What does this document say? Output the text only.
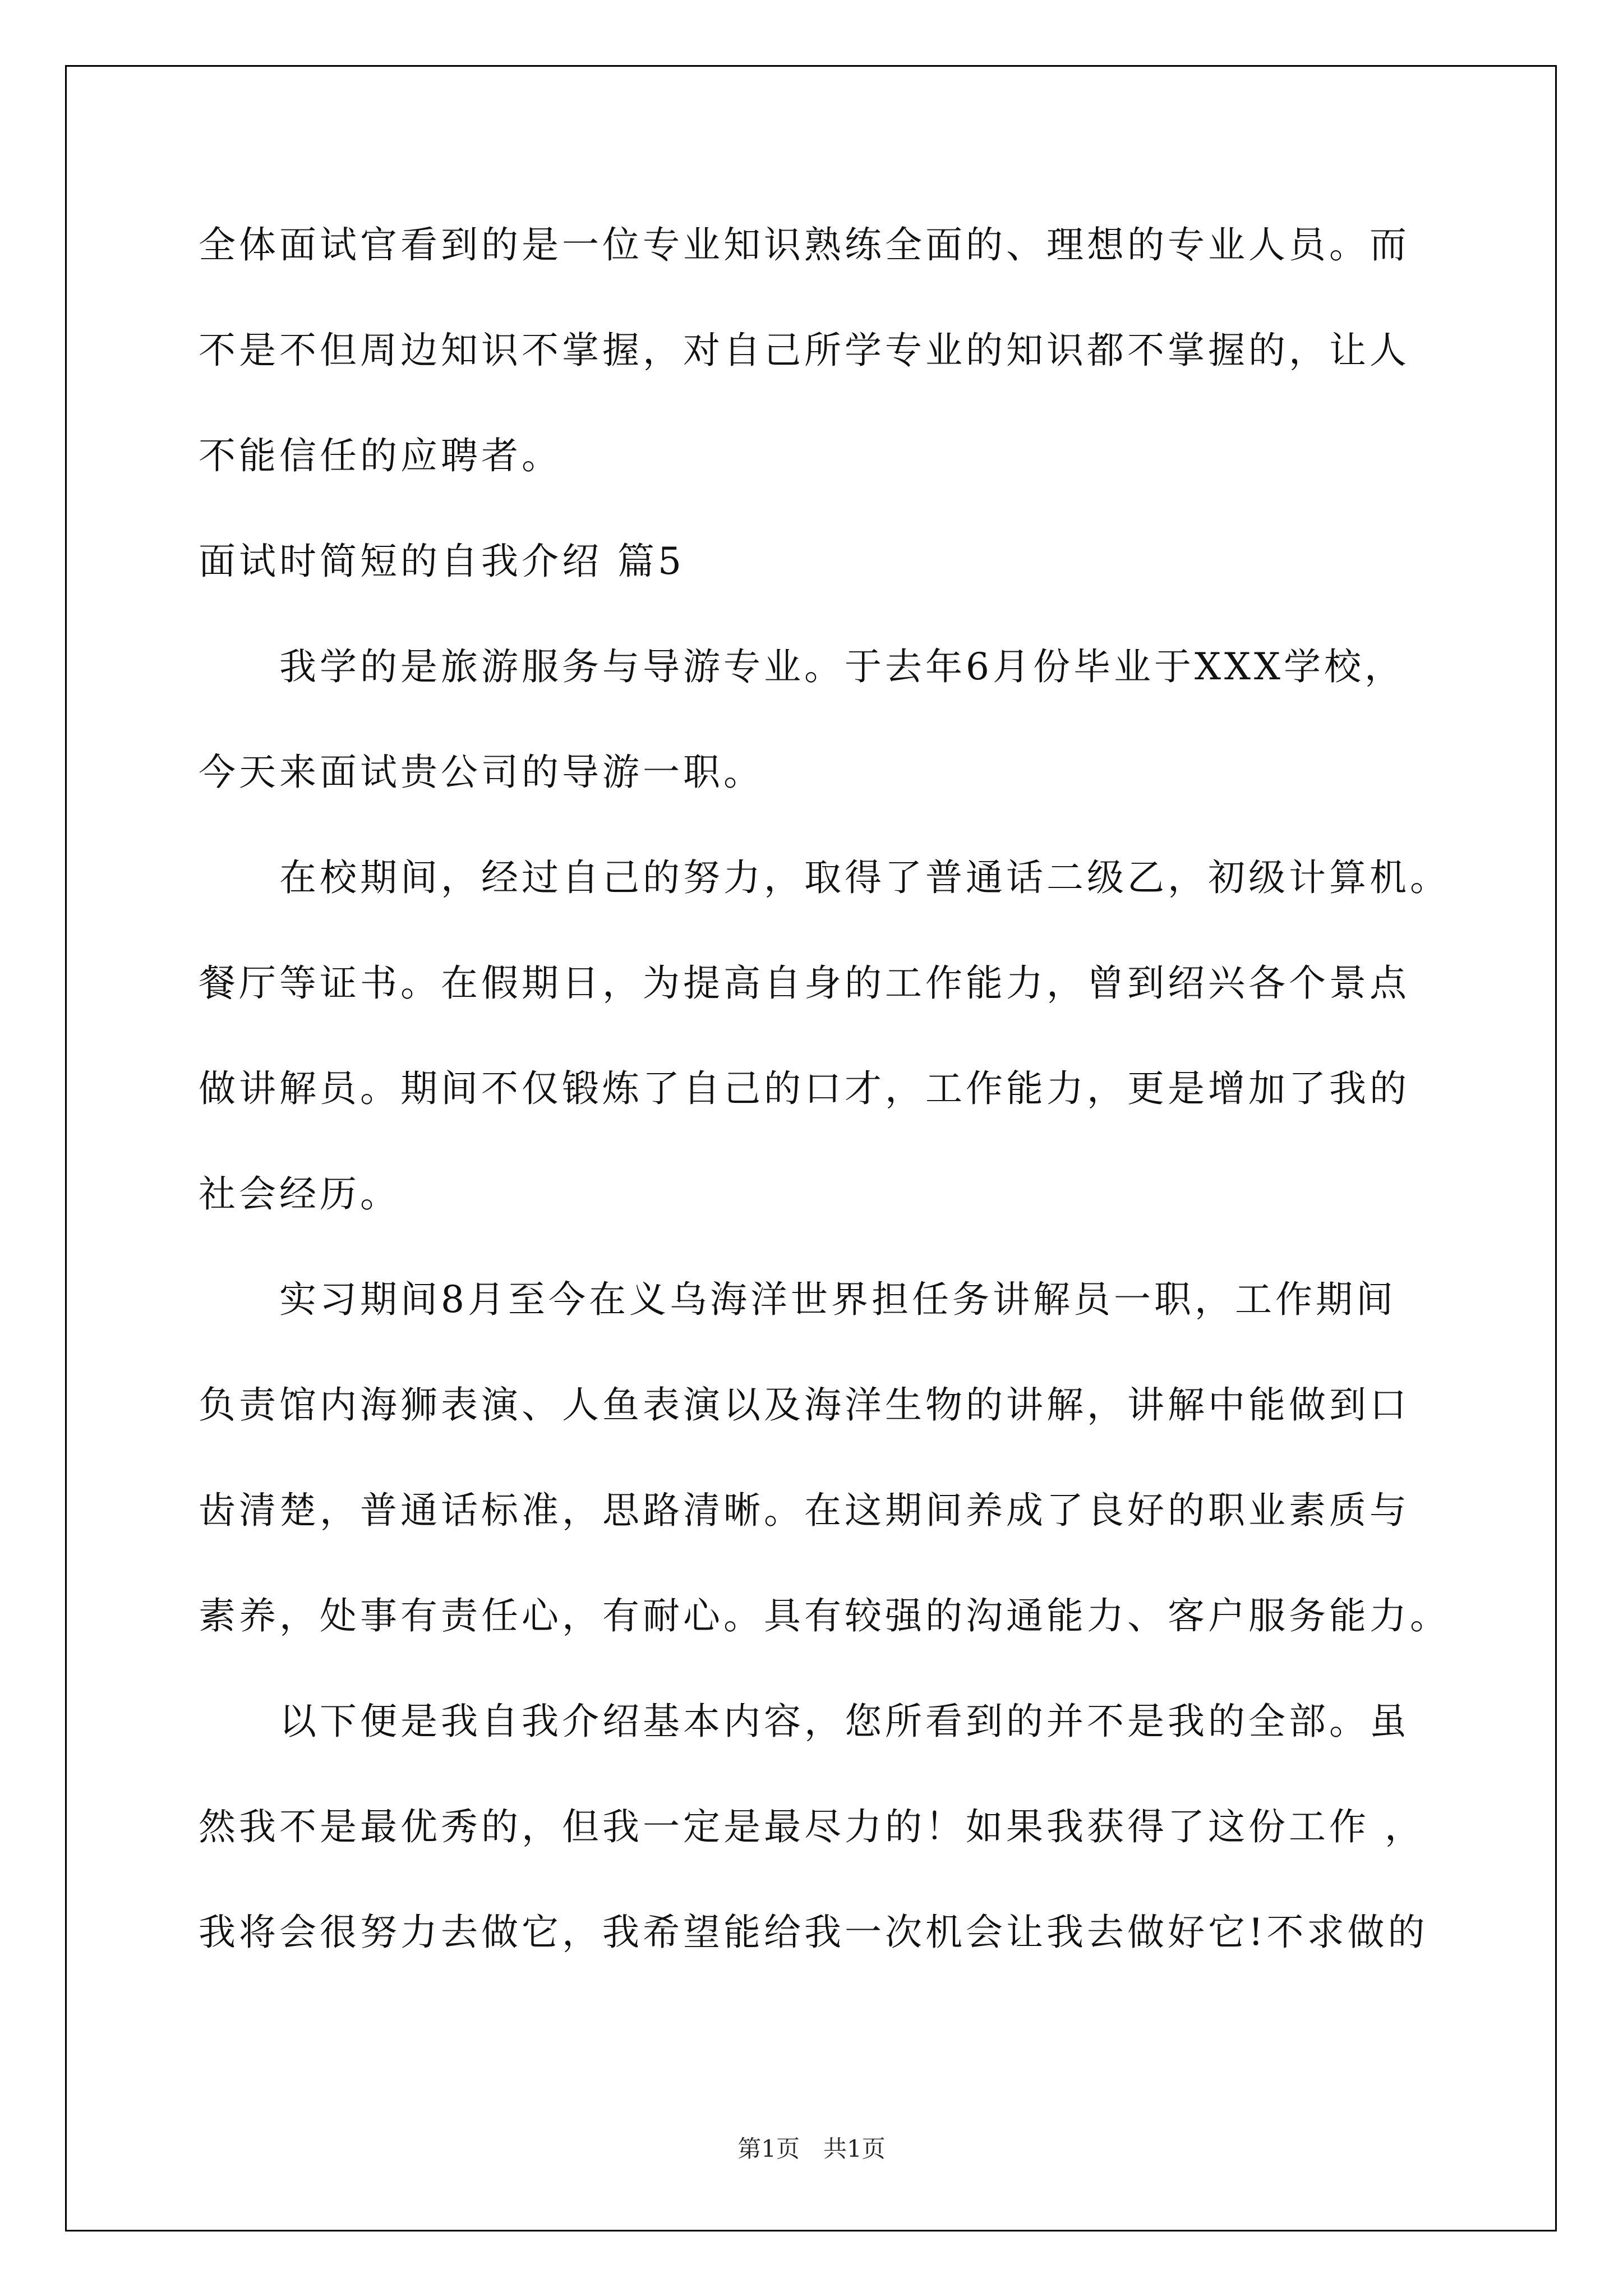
全体面试官看到的是一位专业知识熟练全面的、理想的专业人员。而
不是不但周边知识不掌握，对自己所学专业的知识都不掌握的，让人
不能信任的应聘者。
面试时简短的自我介绍 篇5
　　我学的是旅游服务与导游专业。于去年6月份毕业于XXX学校，
今天来面试贵公司的导游一职。
　　在校期间，经过自己的努力，取得了普通话二级乙，初级计算机。
餐厅等证书。在假期日，为提高自身的工作能力，曾到绍兴各个景点
做讲解员。期间不仅锻炼了自己的口才，工作能力，更是增加了我的
社会经历。
　　实习期间8月至今在义乌海洋世界担任务讲解员一职，工作期间
负责馆内海狮表演、人鱼表演以及海洋生物的讲解，讲解中能做到口
齿清楚，普通话标准，思路清晰。在这期间养成了良好的职业素质与
素养，处事有责任心，有耐心。具有较强的沟通能力、客户服务能力。
　　以下便是我自我介绍基本内容，您所看到的并不是我的全部。虽
然我不是最优秀的，但我一定是最尽力的！如果我获得了这份工作 ，
我将会很努力去做它，我希望能给我一次机会让我去做好它!不求做的
第1页　共1页
